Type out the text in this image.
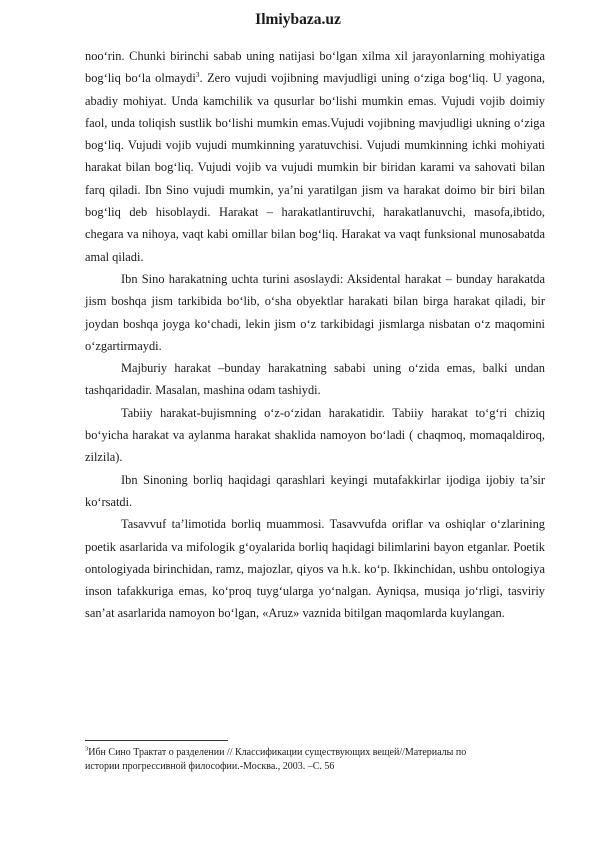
Ilmiybaza.uz

noo‘rin. Chunki birinchi sabab uning natijasi bo‘lgan xilma xil jarayonlarning mohiyatiga bog‘liq bo‘la olmaydi$^3$. Zero vujudi vojibning mavjudligi uning o‘ziga bog‘liq. U yagona, abadiy mohiyat. Unda kamchilik va qusurlar bo‘lishi mumkin emas. Vujudi vojib doimiy faol, unda toliqish sustlik bo‘lishi mumkin emas.Vujudi vojibning mavjudligi ukning o‘ziga bog‘liq. Vujudi vojib vujudi mumkinning yaratuvchisi. Vujudi mumkinning ichki mohiyati harakat bilan bog‘liq. Vujudi vojib va vujudi mumkin bir biridan karami va sahovati bilan farq qiladi. Ibn Sino vujudi mumkin, ya’ni yaratilgan jism va harakat doimo bir biri bilan bog‘liq deb hisoblaydi. Harakat – harakatlantiruvchi, harakatlanuvchi, masofa,ibtido, chegara va nihoya, vaqt kabi omillar bilan bog‘liq. Harakat va vaqt funksional munosabatda amal qiladi.

Ibn Sino harakatning uchta turini asoslaydi: Aksidental harakat – bunday harakatda jism boshqa jism tarkibida bo‘lib, o‘sha obyektlar harakati bilan birga harakat qiladi, bir joydan boshqa joyga ko‘chadi, lekin jism o‘z tarkibidagi jismlarga nisbatan o‘z maqomini o‘zgartirmaydi.

Majburiy harakat –bunday harakatning sababi uning o‘zida emas, balki undan tashqaridadir. Masalan, mashina odam tashiydi.

Tabiiy harakat-bujismning o‘z-o‘zidan harakatidir. Tabiiy harakat to‘g‘ri chiziq bo‘yicha harakat va aylanma harakat shaklida namoyon bo‘ladi ( chaqmoq, momaqaldiroq, zilzila).

Ibn Sinoning borliq haqidagi qarashlari keyingi mutafakkirlar ijodiga ijobiy ta’sir ko‘rsatdi.

Tasavvuf ta’limotida borliq muammosi. Tasavvufda oriflar va oshiqlar o‘zlarining poetik asarlarida va mifologik g‘oyalarida borliq haqidagi bilimlarini bayon etganlar. Poetik ontologiyada birinchidan, ramz, majozlar, qiyos va h.k. ko‘p. Ikkinchidan, ushbu ontologiya inson tafakkuriga emas, ko‘proq tuyg‘ularga yo‘nalgan. Ayniqsa, musiqa jo‘rligi, tasviriy san’at asarlarida namoyon bo‘lgan, «Aruz» vaznida bitilgan maqomlarda kuylangan.

$^3$Ибн Сино Трактат о разделении // Классификации существующих вещей//Материалы по истории прогрессивной философии.-Москва., 2003. –С. 56
